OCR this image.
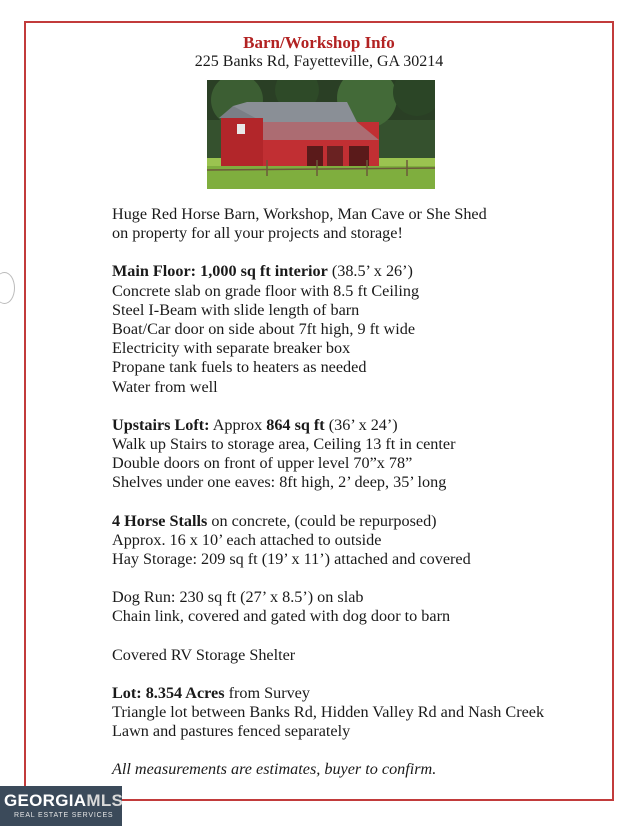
Barn/Workshop Info
225 Banks Rd, Fayetteville, GA 30214

Huge Red Horse Barn, Workshop, Man Cave or She Shed

on property for all your projects and storage!

Main Floor: 1,000 sq ft interior (38.5’ x 26’)

Concrete slab on grade floor with 8.5 ft Ceiling

Steel I-Beam with slide length of barn

Boat/Car door on side about 7ft high, 9 ft wide

Electricity with separate breaker box

Propane tank fuels to heaters as needed

Water from well

Upstairs Loft: Approx 864 sq ft (36’ x 24’)

Walk up Stairs to storage area, Ceiling 13 ft in center

Double doors on front of upper level 70”x 78”

Shelves under one eaves: 8ft high, 2’ deep, 35’ long

4 Horse Stalls on concrete, (could be repurposed)

Approx. 16 x 10’ each attached to outside

Hay Storage: 209 sq ft (19’ x 11’) attached and covered

Dog Run: 230 sq ft (27’ x 8.5’) on slab

Chain link, covered and gated with dog door to barn

Covered RV Storage Shelter

Lot: 8.354 Acres from Survey

Triangle lot between Banks Rd, Hidden Valley Rd and Nash Creek

Lawn and pastures fenced separately

All measurements are estimates, buyer to confirm.

GEORGIAMLS
REAL ESTATE SERVICES
